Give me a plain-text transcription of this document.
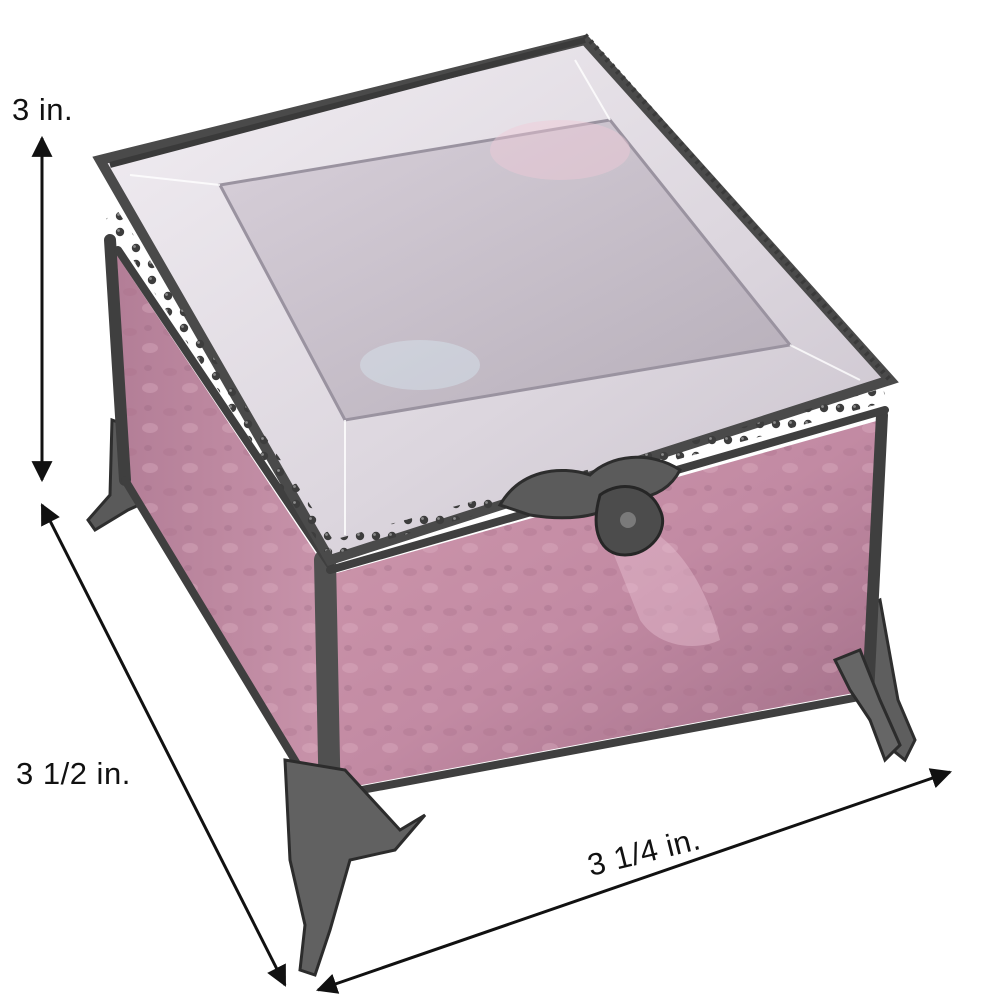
3 in.
3 1/2 in.
3 1/4 in.
